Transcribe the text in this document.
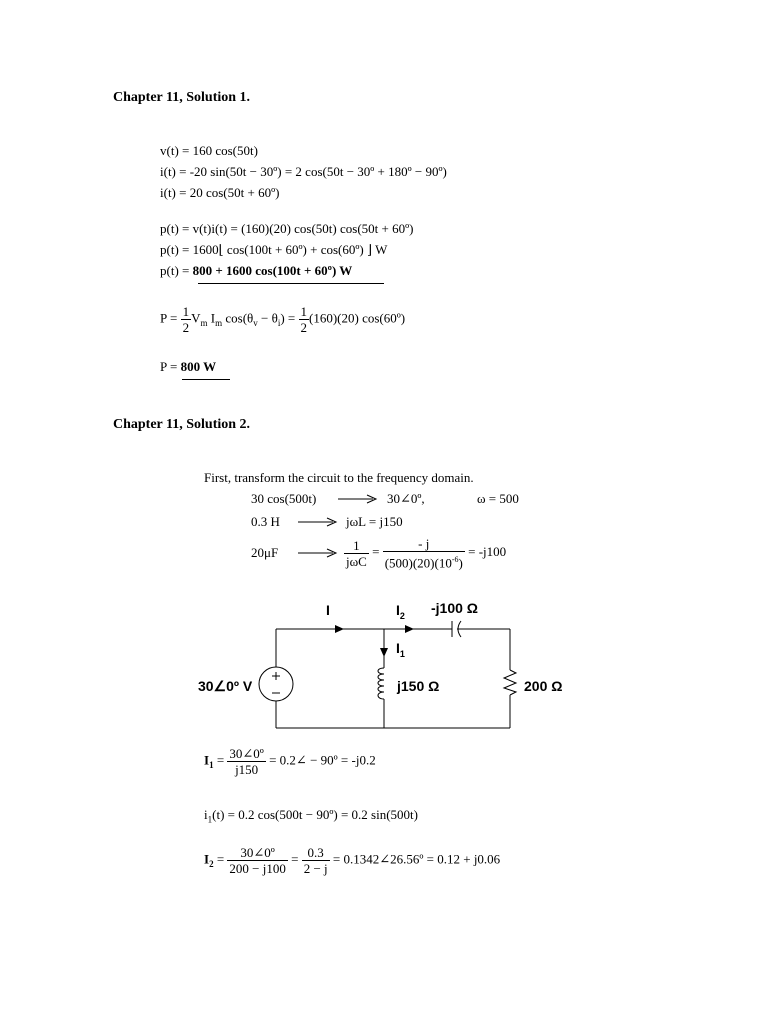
Chapter 11, Solution 1.
v(t) = 160 cos(50t)
i(t) = -20 sin(50t − 30º) = 2 cos(50t − 30º + 180º − 90º)
i(t) = 20 cos(50t + 60º)
p(t) = v(t)i(t) = (160)(20) cos(50t) cos(50t + 60º)
p(t) = 1600⌊ cos(100t + 60º) + cos(60º) ⌋ W
p(t) = 800 + 1600 cos(100t + 60º) W
$P = \frac{1}{2} V_m$ $I_m$ $\cos(\theta_v - \theta_i) = \frac{1}{2} (160)(20)$ cos(60º)
P = 800 W
Chapter 11, Solution 2.
First, transform the circuit to the frequency domain.
30 cos(500t)	30∠0º,	ω = 500
0.3 H	jωL = j150
20μF	$\frac{1}{\text{jωC}} = \frac{- j}{(500)(20)(10^{-6})} = -j100$
I	$I_2$ -j100 Ω
$I_1$
30∠0º V	j150 Ω	200 Ω
$I_1 = \frac{\text{30∠0º}}{j150}$ = 0.2∠ − 90º = -j0.2
$i_1(t) = 0.2$ cos(500t − 90º) = 0.2 sin(500t)
$I_2 = \frac{\text{30∠0º}}{200 - j100} = \frac{0.3}{2 - j}$ = 0.1342∠26.56º = 0.12 + j0.06
